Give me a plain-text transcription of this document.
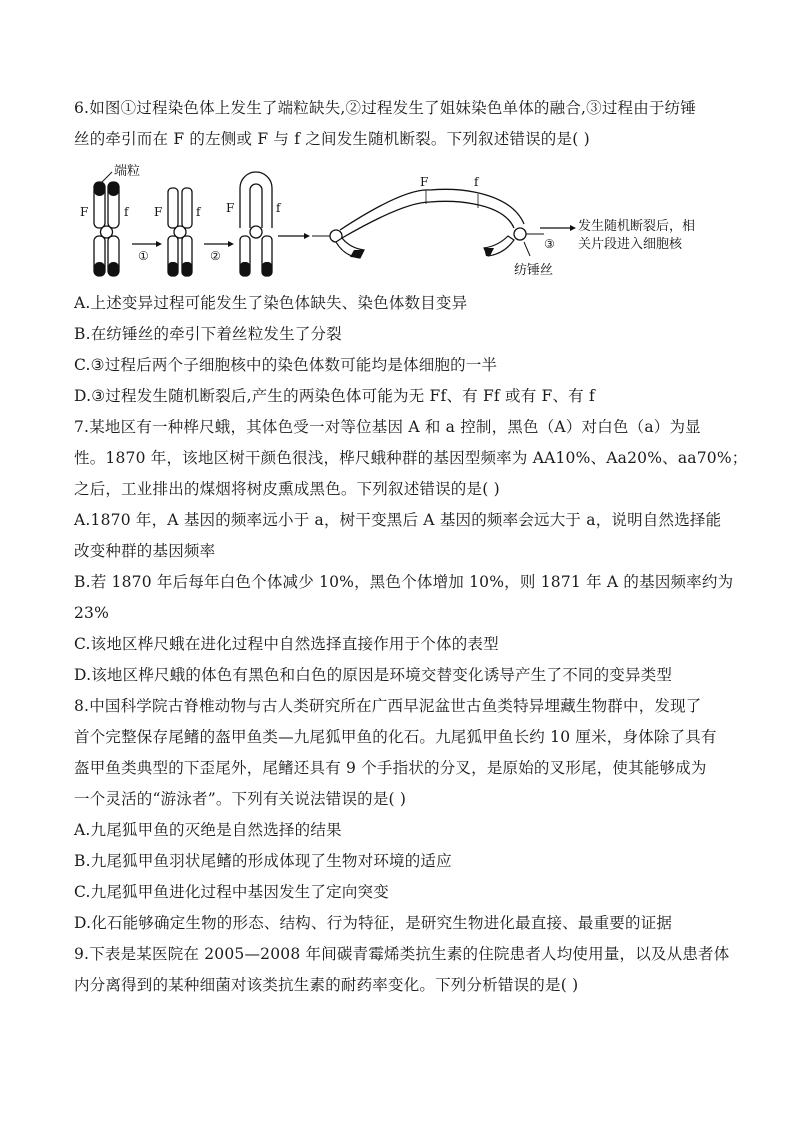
6.如图①过程染色体上发生了端粒缺失,②过程发生了姐妹染色单体的融合,③过程由于纺锤
丝的牵引而在 F 的左侧或 F 与 f 之间发生随机断裂。下列叙述错误的是( )
端粒
F	f
①
F	f
②
F	f
F	f
纺锤丝
③
发生随机断裂后，相
关片段进入细胞核
A.上述变异过程可能发生了染色体缺失、染色体数目变异
B.在纺锤丝的牵引下着丝粒发生了分裂
C.③过程后两个子细胞核中的染色体数可能均是体细胞的一半
D.③过程发生随机断裂后,产生的两染色体可能为无 Ff、有 Ff 或有 F、有 f
7.某地区有一种桦尺蛾，其体色受一对等位基因 A 和 a 控制，黑色（A）对白色（a）为显
性。1870 年，该地区树干颜色很浅，桦尺蛾种群的基因型频率为 AA10%、Aa20%、aa70%；
之后，工业排出的煤烟将树皮熏成黑色。下列叙述错误的是( )
A.1870 年，A 基因的频率远小于 a，树干变黑后 A 基因的频率会远大于 a，说明自然选择能
改变种群的基因频率
B.若 1870 年后每年白色个体减少 10%，黑色个体增加 10%，则 1871 年 A 的基因频率约为
23%
C.该地区桦尺蛾在进化过程中自然选择直接作用于个体的表型
D.该地区桦尺蛾的体色有黑色和白色的原因是环境交替变化诱导产生了不同的变异类型
8.中国科学院古脊椎动物与古人类研究所在广西早泥盆世古鱼类特异埋藏生物群中，发现了
首个完整保存尾鳍的盔甲鱼类—九尾狐甲鱼的化石。九尾狐甲鱼长约 10 厘米，身体除了具有
盔甲鱼类典型的下歪尾外，尾鳍还具有 9 个手指状的分叉，是原始的叉形尾，使其能够成为
一个灵活的“游泳者”。下列有关说法错误的是( )
A.九尾狐甲鱼的灭绝是自然选择的结果
B.九尾狐甲鱼羽状尾鳍的形成体现了生物对环境的适应
C.九尾狐甲鱼进化过程中基因发生了定向突变
D.化石能够确定生物的形态、结构、行为特征，是研究生物进化最直接、最重要的证据
9.下表是某医院在 2005—2008 年间碳青霉烯类抗生素的住院患者人均使用量，以及从患者体
内分离得到的某种细菌对该类抗生素的耐药率变化。下列分析错误的是( )
